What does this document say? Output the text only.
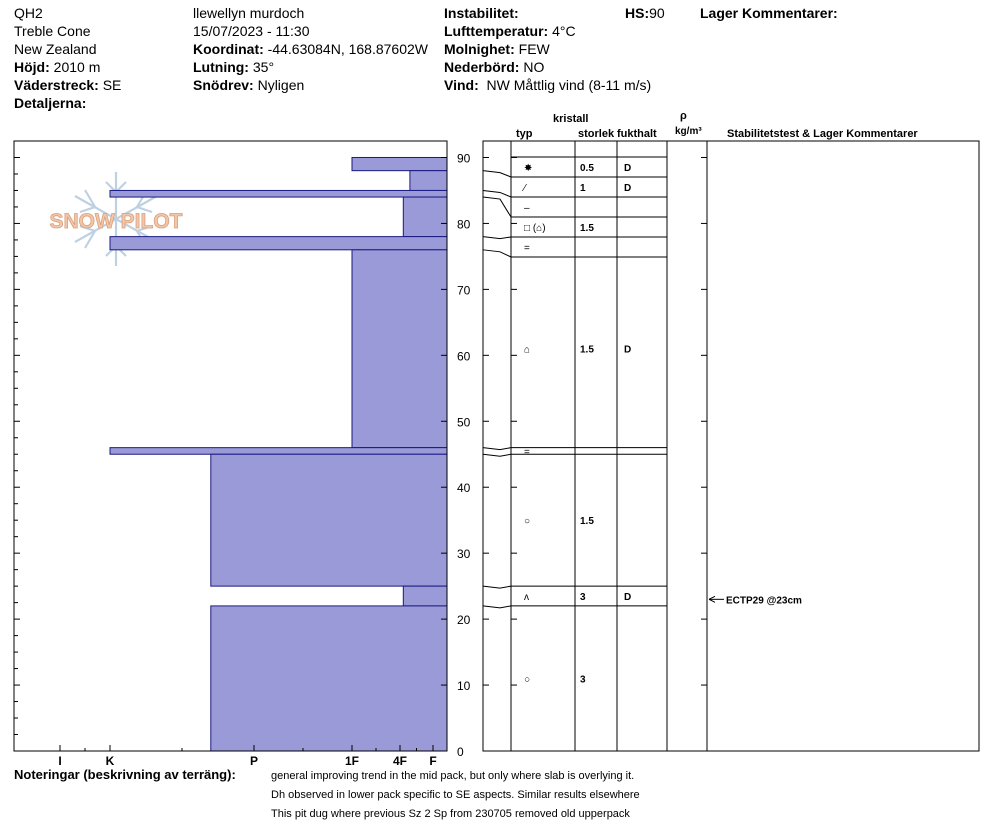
QH2
Treble Cone
New Zealand
Höjd: 2010 m
Väderstreck: SE
Detaljerna:
llewellyn murdoch
15/07/2023 - 11:30
Koordinat: -44.63084N, 168.87602W
Lutning: 35°
Snödrev: Nyligen
Instabilitet:
Lufttemperatur: 4°C
Molnighet: FEW
Nederbörd: NO
Vind: NW Måttlig vind (8-11 m/s)
HS:90	Lager Kommentarer:
kristall
typ	storlek fukthalt
ρ
kg/m³ Stabilitetstest & Lager Kommentarer
SNOW PILOT
0
10
20
30
40
50
60
70
80
90
I	K	P	1F	4F F
✸	0.5	D
⁄	1	D
–
□ (⌂)	1.5
=
⌂	1.5	D
=
○	1.5
ʌ	3	D
○	3
ECTP29 @23cm
Noteringar (beskrivning av terräng):	general improving trend in the mid pack, but only where slab is overlying it.
Dh observed in lower pack specific to SE aspects. Similar results elsewhere
This pit dug where previous Sz 2 Sp from 230705 removed old upperpack
